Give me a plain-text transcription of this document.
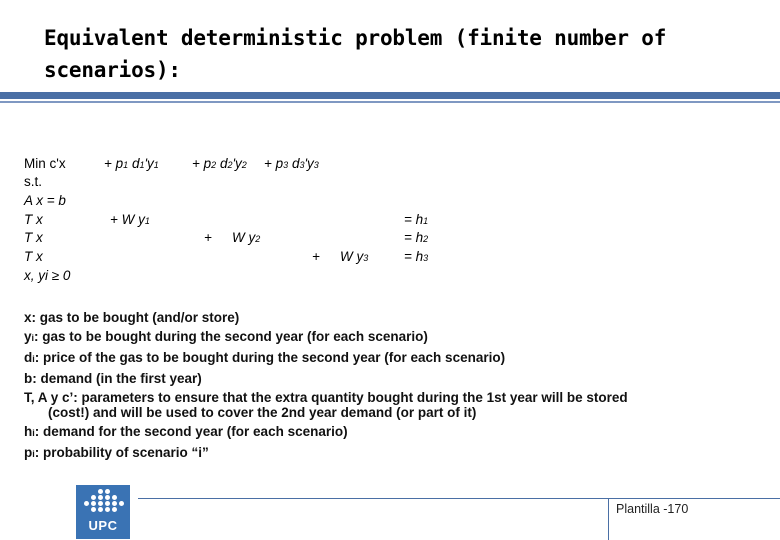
Equivalent deterministic problem (finite number of scenarios):
Min c'x	+ p1 d1'y1 + p2 d2'y2 + p3 d3'y3
s.t.
A x = b
T x	+ W y1	= h1
T x	+ W y2	= h2
T x	+ W y3	= h3
x, yi ≥ 0
x: gas to be bought (and/or store)
yi: gas to be bought during the second year (for each scenario)
di: price of the gas to be bought during the second year (for each scenario)
b: demand (in the first year)
T, A y c’: parameters to ensure that the extra quantity bought during the 1st year will be stored
(cost!) and will be used to cover the 2nd year demand (or part of it)
hi: demand for the second year (for each scenario)
pi: probability of scenario “i”
UPC
Plantilla -170
